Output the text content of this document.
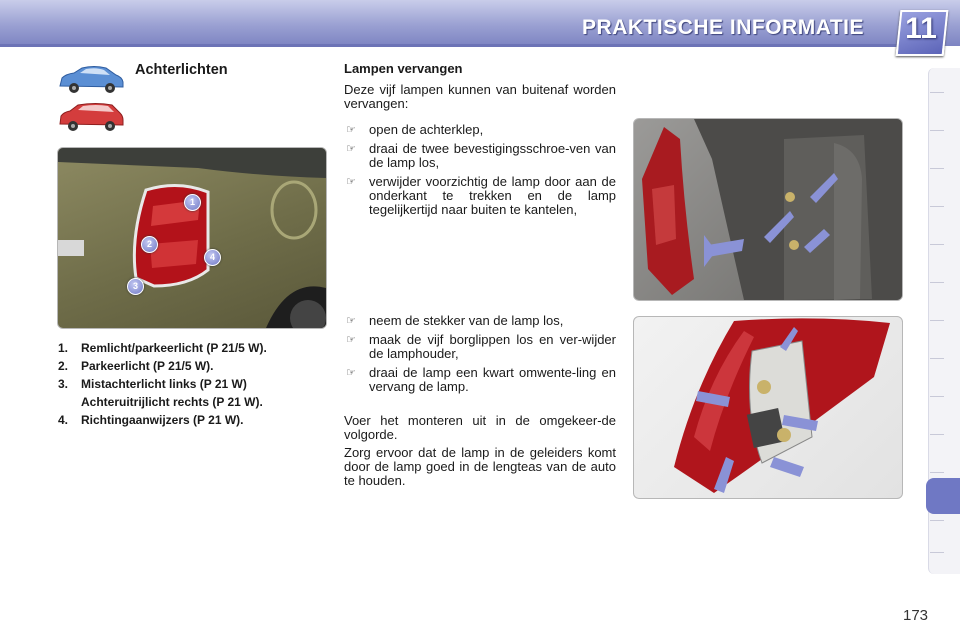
PRAKTISCHE INFORMATIE 11
Achterlichten
1
2
3
4
1. Remlicht/parkeerlicht (P 21/5 W).
2. Parkeerlicht (P 21/5 W).
3. Mistachterlicht links (P 21 W)
Achteruitrijlicht rechts (P 21 W).
4. Richtingaanwijzers (P 21 W).
Lampen vervangen

Deze vijf lampen kunnen van buitenaf worden vervangen:

☞ open de achterklep,
☞ draai de twee bevestigingsschroe-ven van de lamp los,
☞ verwijder voorzichtig de lamp door aan de onderkant te trekken en de lamp tegelijkertijd naar buiten te kantelen,
☞ neem de stekker van de lamp los,
☞ maak de vijf borglippen los en ver-wijder de lamphouder,
☞ draai de lamp een kwart omwente-ling en vervang de lamp.

Voer het monteren uit in de omgekeer-de volgorde.

Zorg ervoor dat de lamp in de geleiders komt door de lamp goed in de lengteas van de auto te houden.

173
